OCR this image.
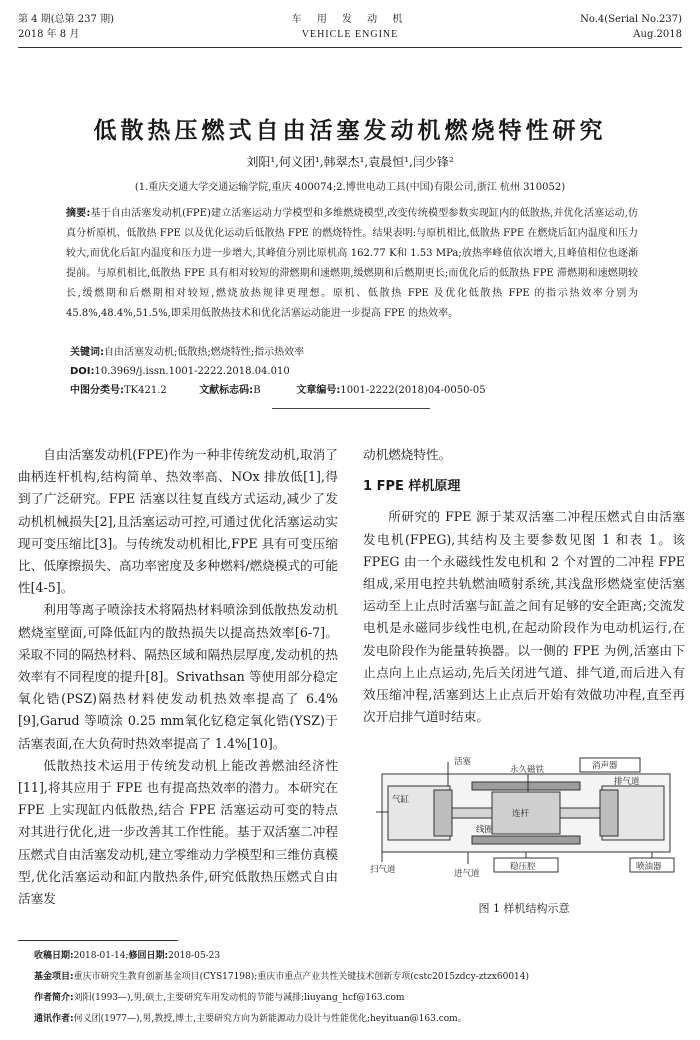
第 4 期(总第 237 期)
2018 年 8 月
车 用 发 动 机
VEHICLE ENGINE
No.4(Serial No.237)
Aug.2018
低散热压燃式自由活塞发动机燃烧特性研究
刘阳¹,何义团¹,韩翠杰¹,袁晨恒¹,闫少锋²
(1.重庆交通大学交通运输学院,重庆 400074;2.博世电动工具(中国)有限公司,浙江 杭州 310052)
摘要:基于自由活塞发动机(FPE)建立活塞运动力学模型和多维燃烧模型,改变传统模型参数实现缸内的低散热,并优化活塞运动,仿真分析原机、低散热 FPE 以及优化运动后低散热 FPE 的燃烧特性。结果表明:与原机相比,低散热 FPE 在燃烧后缸内温度和压力较大,而优化后缸内温度和压力进一步增大,其峰值分别比原机高 162.77 K和 1.53 MPa;放热率峰值依次增大,且峰值相位也逐渐提前。与原机相比,低散热 FPE 具有相对较短的滞燃期和速燃期,缓燃期和后燃期更长;而优化后的低散热 FPE 滞燃期和速燃期较长,缓燃期和后燃期相对较短,燃烧放热规律更理想。原机、低散热 FPE 及优化低散热 FPE 的指示热效率分别为 45.8%,48.4%,51.5%,即采用低散热技术和优化活塞运动能进一步提高 FPE 的热效率。
关键词:自由活塞发动机;低散热;燃烧特性;指示热效率
DOI:10.3969/j.issn.1001-2222.2018.04.010
中图分类号:TK421.2	文献标志码:B	文章编号:1001-2222(2018)04-0050-05

自由活塞发动机(FPE)作为一种非传统发动机,取消了曲柄连杆机构,结构简单、热效率高、NOx 排放低[1],得到了广泛研究。FPE 活塞以往复直线方式运动,减少了发动机机械损失[2],且活塞运动可控,可通过优化活塞运动实现可变压缩比[3]。与传统发动机相比,FPE 具有可变压缩比、低摩擦损失、高功率密度及多种燃料/燃烧模式的可能性[4-5]。

利用等离子喷涂技术将隔热材料喷涂到低散热发动机燃烧室壁面,可降低缸内的散热损失以提高热效率[6-7]。采取不同的隔热材料、隔热区域和隔热层厚度,发动机的热效率有不同程度的提升[8]。Srivathsan 等使用部分稳定氧化锆(PSZ)隔热材料使发动机热效率提高了 6.4%[9],Garud 等喷涂 0.25 mm氧化钇稳定氧化锆(YSZ)于活塞表面,在大负荷时热效率提高了 1.4%[10]。

低散热技术运用于传统发动机上能改善燃油经济性[11],将其应用于 FPE 也有提高热效率的潜力。本研究在 FPE 上实现缸内低散热,结合 FPE 活塞运动可变的特点对其进行优化,进一步改善其工作性能。基于双活塞二冲程压燃式自由活塞发动机,建立零维动力学模型和三维仿真模型,优化活塞运动和缸内散热条件,研究低散热压燃式自由活塞发

动机燃烧特性。
1 FPE 样机原理

所研究的 FPE 源于某双活塞二冲程压燃式自由活塞发电机(FPEG),其结构及主要参数见图 1 和表 1。该 FPEG 由一个永磁线性发电机和 2 个对置的二冲程 FPE 组成,采用电控共轨燃油喷射系统,其浅盘形燃烧室使活塞运动至上止点时活塞与缸盖之间有足够的安全距离;交流发电机是永磁同步线性电机,在起动阶段作为电动机运行,在发电阶段作为能量转换器。以一侧的 FPE 为例,活塞由下止点向上止点运动,先后关闭进气道、排气道,而后进入有效压缩冲程,活塞到达上止点后开始有效做功冲程,直至再次开启排气道时结束。

消声器
活塞
永久磁铁
排气道
气缸
连杆
线圈
扫气道	进气道
稳压腔	喷油器
图 1 样机结构示意
收稿日期:2018-01-14;修回日期:2018-05-23
基金项目:重庆市研究生教育创新基金项目(CYS17198);重庆市重点产业共性关键技术创新专项(cstc2015zdcy-ztzx60014)
作者简介:刘阳(1993—),男,硕士,主要研究车用发动机的节能与减排;liuyang_hcf@163.com
通讯作者:何义团(1977—),男,教授,博士,主要研究方向为新能源动力设计与性能优化;heyituan@163.com。
